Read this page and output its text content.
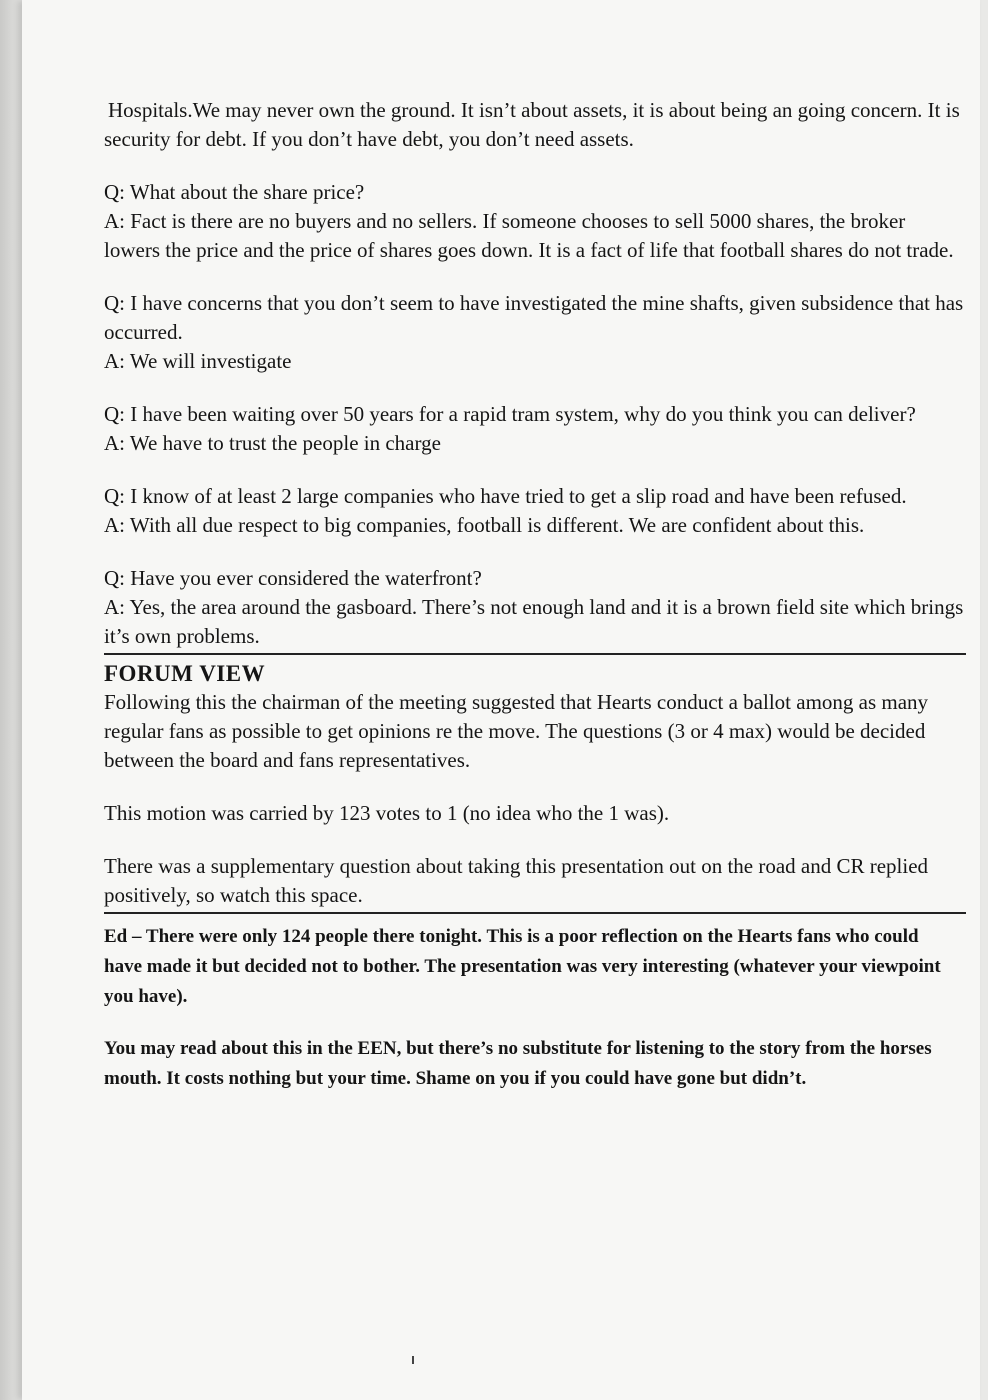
Hospitals.We may never own the ground. It isn’t about assets, it is about being an going concern. It is security for debt. If you don’t have debt, you don’t need assets.

Q: What about the share price?

A: Fact is there are no buyers and no sellers. If someone chooses to sell 5000 shares, the broker lowers the price and the price of shares goes down. It is a fact of life that football shares do not trade.

Q: I have concerns that you don’t seem to have investigated the mine shafts, given subsidence that has occurred.

A: We will investigate

Q: I have been waiting over 50 years for a rapid tram system, why do you think you can deliver?

A: We have to trust the people in charge

Q: I know of at least 2 large companies who have tried to get a slip road and have been refused.

A: With all due respect to big companies, football is different. We are confident about this.

Q: Have you ever considered the waterfront?

A: Yes, the area around the gasboard. There’s not enough land and it is a brown field site which brings it’s own problems.

FORUM VIEW

Following this the chairman of the meeting suggested that Hearts conduct a ballot among as many regular fans as possible to get opinions re the move. The questions (3 or 4 max) would be decided between the board and fans representatives.

This motion was carried by 123 votes to 1 (no idea who the 1 was).

There was a supplementary question about taking this presentation out on the road and CR replied positively, so watch this space.

Ed – There were only 124 people there tonight. This is a poor reflection on the Hearts fans who could have made it but decided not to bother. The presentation was very interesting (whatever your viewpoint you have).

You may read about this in the EEN, but there’s no substitute for listening to the story from the horses mouth. It costs nothing but your time. Shame on you if you could have gone but didn’t.
